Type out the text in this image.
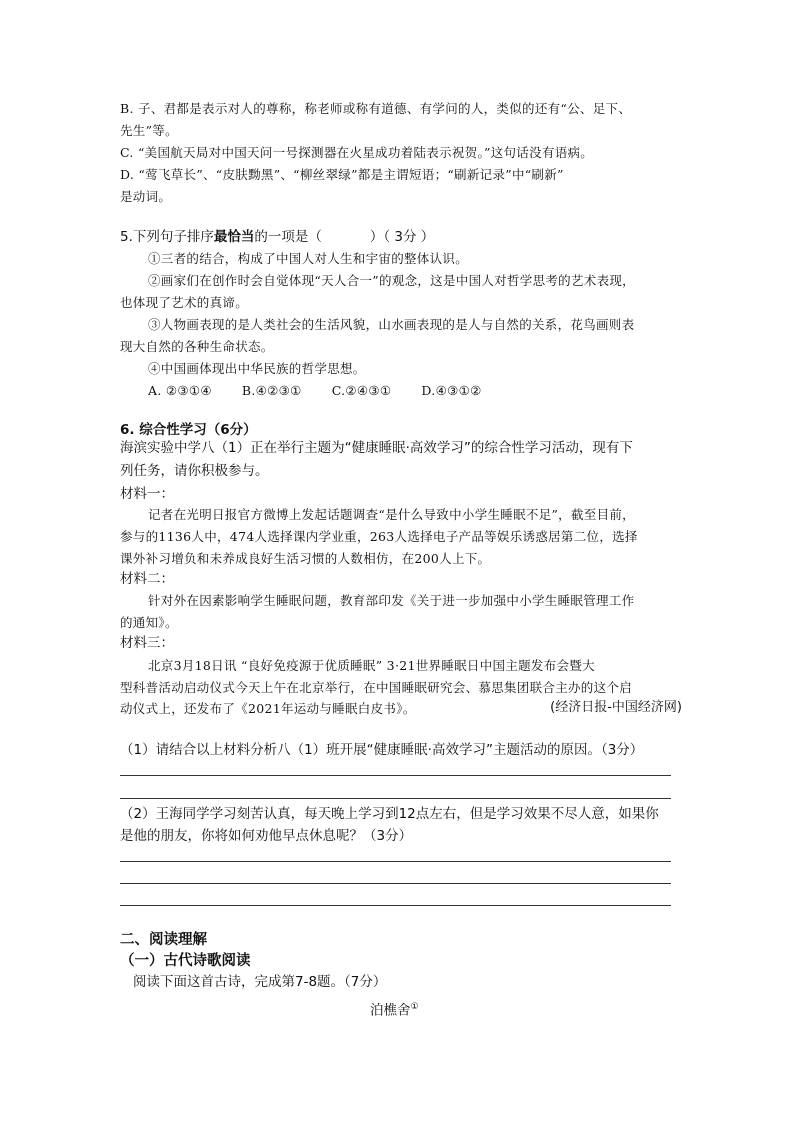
B. 子、君都是表示对人的尊称，称老师或称有道德、有学问的人，类似的还有“公、足下、
先生”等。
C. “美国航天局对中国天问一号探测器在火星成功着陆表示祝贺。”这句话没有语病。
D. “莺飞草长”、“皮肤黝黑”、“柳丝翠绿”都是主谓短语；“刷新记录”中“刷新”
是动词。
5.下列句子排序最恰当的一项是（	）（ 3分 ）
①三者的结合，构成了中国人对人生和宇宙的整体认识。
②画家们在创作时会自觉体现“天人合一”的观念，这是中国人对哲学思考的艺术表现，
也体现了艺术的真谛。
③人物画表现的是人类社会的生活风貌，山水画表现的是人与自然的关系，花鸟画则表
现大自然的各种生命状态。
④中国画体现出中华民族的哲学思想。
A. ②③①④ B.④②③① C.②④③① D.④③①②
6. 综合性学习（6分）
海滨实验中学八（1）正在举行主题为“健康睡眠·高效学习”的综合性学习活动，现有下
列任务，请你积极参与。
材料一：
记者在光明日报官方微博上发起话题调查“是什么导致中小学生睡眠不足”，截至目前，
参与的1136人中，474人选择课内学业重，263人选择电子产品等娱乐诱惑居第二位，选择
课外补习增负和未养成良好生活习惯的人数相仿，在200人上下。
材料二：
针对外在因素影响学生睡眠问题，教育部印发《关于进一步加强中小学生睡眠管理工作
的通知》。
材料三：
北京3月18日讯 “良好免疫源于优质睡眠” 3·21世界睡眠日中国主题发布会暨大
型科普活动启动仪式今天上午在北京举行，在中国睡眠研究会、慕思集团联合主办的这个启
动仪式上，还发布了《2021年运动与睡眠白皮书》。	(经济日报-中国经济网)
（1）请结合以上材料分析八（1）班开展“健康睡眠·高效学习”主题活动的原因。（3分）
（2）王海同学学习刻苦认真，每天晚上学习到12点左右，但是学习效果不尽人意，如果你
是他的朋友，你将如何劝他早点休息呢？（3分）
二、阅读理解
（一）古代诗歌阅读
阅读下面这首古诗，完成第7-8题。（7分）
泊樵舍①
